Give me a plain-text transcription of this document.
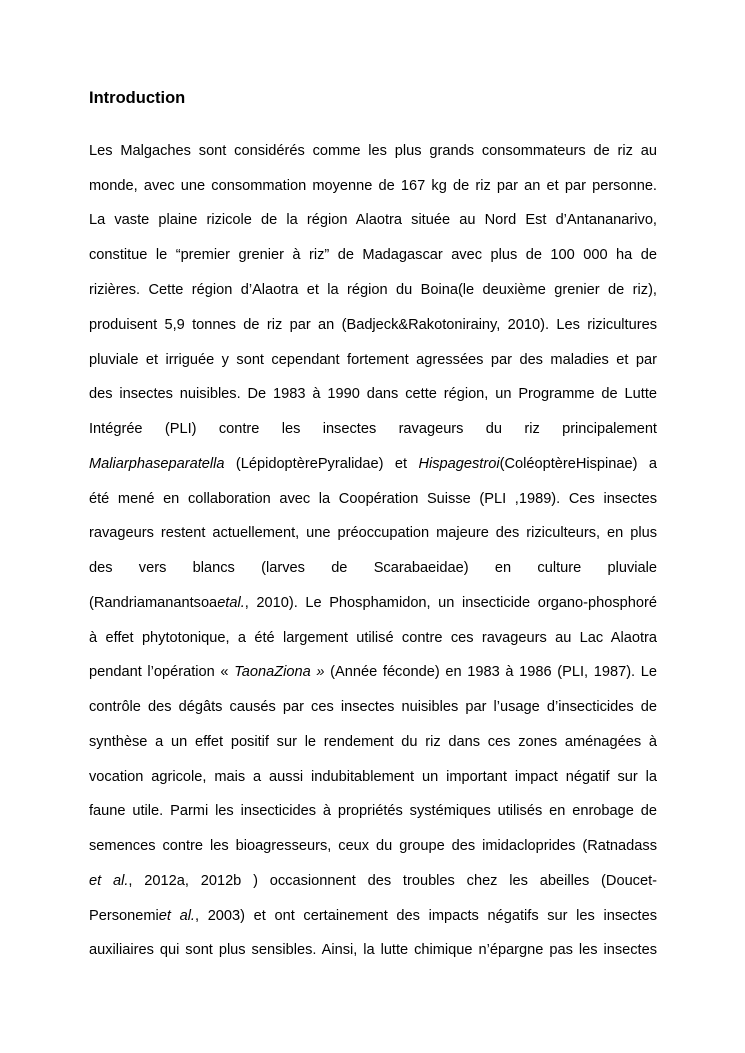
Introduction
Les Malgaches sont considérés comme les plus grands consommateurs de riz au
monde, avec une consommation moyenne de 167 kg de riz par an et par personne.
La vaste plaine rizicole de la région Alaotra située au Nord Est d’Antananarivo,
constitue le “premier grenier à riz” de Madagascar avec plus de 100 000 ha de
rizières. Cette région d’Alaotra et la région du Boina(le deuxième grenier de riz),
produisent 5,9 tonnes de riz par an (Badjeck&Rakotonirainy, 2010). Les rizicultures
pluviale et irriguée y sont cependant fortement agressées par des maladies et par
des insectes nuisibles. De 1983 à 1990 dans cette région, un Programme de Lutte
Intégrée (PLI) contre les insectes ravageurs du riz principalement
Maliarphaseparatella (LépidoptèrePyralidae) et Hispagestroi(ColéoptèreHispinae) a
été mené en collaboration avec la Coopération Suisse (PLI ,1989). Ces insectes
ravageurs restent actuellement, une préoccupation majeure des riziculteurs, en plus
des vers blancs (larves de Scarabaeidae) en culture pluviale
(Randriamanantsoaetal., 2010). Le Phosphamidon, un insecticide organo-phosphoré
à effet phytotonique, a été largement utilisé contre ces ravageurs au Lac Alaotra
pendant l’opération « TaonaZiona » (Année féconde) en 1983 à 1986 (PLI, 1987). Le
contrôle des dégâts causés par ces insectes nuisibles par l’usage d’insecticides de
synthèse a un effet positif sur le rendement du riz dans ces zones aménagées à
vocation agricole, mais a aussi indubitablement un important impact négatif sur la
faune utile. Parmi les insecticides à propriétés systémiques utilisés en enrobage de
semences contre les bioagresseurs, ceux du groupe des imidacloprides (Ratnadass
et al., 2012a, 2012b ) occasionnent des troubles chez les abeilles (Doucet-
Personemiet al., 2003) et ont certainement des impacts négatifs sur les insectes
auxiliaires qui sont plus sensibles. Ainsi, la lutte chimique n’épargne pas les insectes
